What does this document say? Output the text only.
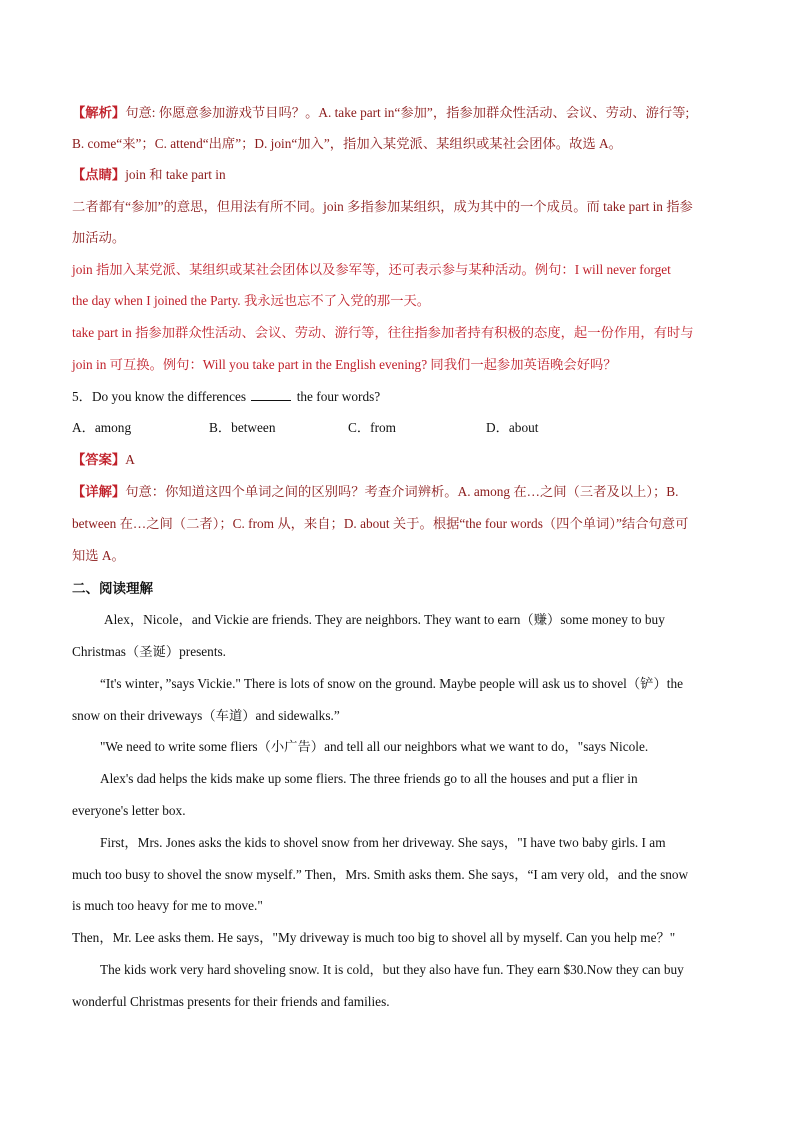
【解析】句意: 你愿意参加游戏节目吗？。A. take part in“参加”，指参加群众性活动、会议、劳动、游行等;
B. come“来”；C. attend“出席”；D. join“加入”，指加入某党派、某组织或某社会团体。故选 A。
【点睛】join 和 take part in
二者都有“参加”的意思，但用法有所不同。join 多指参加某组织，成为其中的一个成员。而 take part in 指参
加活动。
join 指加入某党派、某组织或某社会团体以及参军等，还可表示参与某种活动。例句：I will never forget
the day when I joined the Party. 我永远也忘不了入党的那一天。
take part in 指参加群众性活动、会议、劳动、游行等，往往指参加者持有积极的态度，起一份作用，有时与
join in 可互换。例句：Will you take part in the English evening? 同我们一起参加英语晚会好吗？
5．Do you know the differences	the four words?
A．among	B．between	C．from	D．about
【答案】A
【详解】句意：你知道这四个单词之间的区别吗？考查介词辨析。A. among 在…之间（三者及以上）；B.
between 在…之间（二者）；C. from 从，来自；D. about 关于。根据“the four words（四个单词）”结合句意可
知选 A。
二、阅读理解
Alex，Nicole，and Vickie are friends. They are neighbors. They want to earn（赚）some money to buy
Christmas（圣诞）presents.
“It's winter，”says Vickie." There is lots of snow on the ground. Maybe people will ask us to shovel（铲）the
snow on their driveways（车道）and sidewalks.”
"We need to write some fliers（小广告）and tell all our neighbors what we want to do，"says Nicole.
Alex's dad helps the kids make up some fliers. The three friends go to all the houses and put a flier in
everyone's letter box.
First，Mrs. Jones asks the kids to shovel snow from her driveway. She says，"I have two baby girls. I am
much too busy to shovel the snow myself.” Then，Mrs. Smith asks them. She says，“I am very old，and the snow
is much too heavy for me to move."
Then，Mr. Lee asks them. He says，"My driveway is much too big to shovel all by myself. Can you help me？"
The kids work very hard shoveling snow. It is cold，but they also have fun. They earn $30.Now they can buy
wonderful Christmas presents for their friends and families.
